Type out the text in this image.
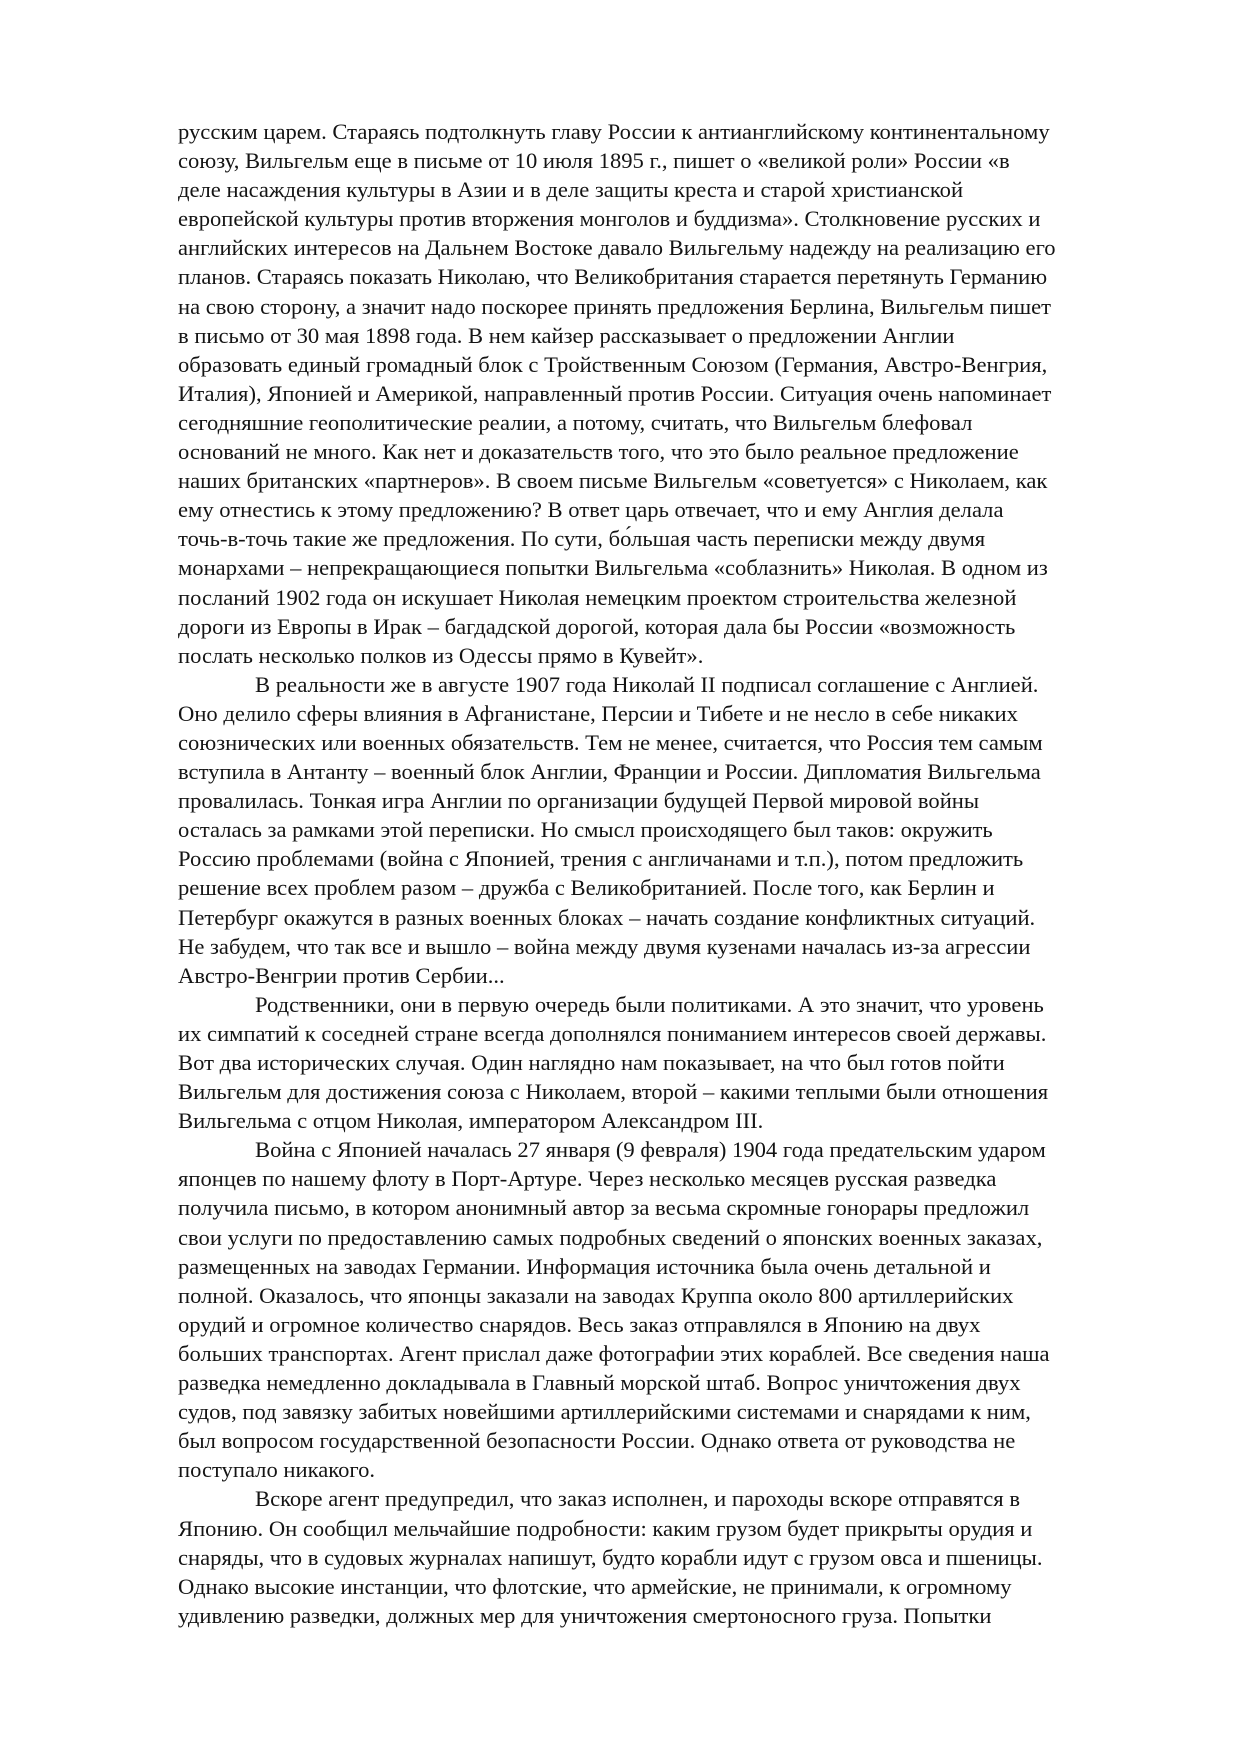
русским царем. Стараясь подтолкнуть главу России к антианглийскому континентальному
союзу, Вильгельм еще в письме от 10 июля 1895 г., пишет о «великой роли» России «в
деле насаждения культуры в Азии и в деле защиты креста и старой христианской
европейской культуры против вторжения монголов и буддизма». Столкновение русских и
английских интересов на Дальнем Востоке давало Вильгельму надежду на реализацию его
планов. Стараясь показать Николаю, что Великобритания старается перетянуть Германию
на свою сторону, а значит надо поскорее принять предложения Берлина, Вильгельм пишет
в письмо от 30 мая 1898 года. В нем кайзер рассказывает о предложении Англии
образовать единый громадный блок с Тройственным Союзом (Германия, Австро-Венгрия,
Италия), Японией и Америкой, направленный против России. Ситуация очень напоминает
сегодняшние геополитические реалии, а потому, считать, что Вильгельм блефовал
оснований не много. Как нет и доказательств того, что это было реальное предложение
наших британских «партнеров». В своем письме Вильгельм «советуется» с Николаем, как
ему отнестись к этому предложению? В ответ царь отвечает, что и ему Англия делала
точь-в-точь такие же предложения. По сути, бо́льшая часть переписки между двумя
монархами – непрекращающиеся попытки Вильгельма «соблазнить» Николая. В одном из
посланий 1902 года он искушает Николая немецким проектом строительства железной
дороги из Европы в Ирак – багдадской дорогой, которая дала бы России «возможность
послать несколько полков из Одессы прямо в Кувейт».
В реальности же в августе 1907 года Николай II подписал соглашение с Англией.
Оно делило сферы влияния в Афганистане, Персии и Тибете и не несло в себе никаких
союзнических или военных обязательств. Тем не менее, считается, что Россия тем самым
вступила в Антанту – военный блок Англии, Франции и России. Дипломатия Вильгельма
провалилась. Тонкая игра Англии по организации будущей Первой мировой войны
осталась за рамками этой переписки. Но смысл происходящего был таков: окружить
Россию проблемами (война с Японией, трения с англичанами и т.п.), потом предложить
решение всех проблем разом – дружба с Великобританией. После того, как Берлин и
Петербург окажутся в разных военных блоках – начать создание конфликтных ситуаций.
Не забудем, что так все и вышло – война между двумя кузенами началась из-за агрессии
Австро-Венгрии против Сербии...
Родственники, они в первую очередь были политиками. А это значит, что уровень
их симпатий к соседней стране всегда дополнялся пониманием интересов своей державы.
Вот два исторических случая. Один наглядно нам показывает, на что был готов пойти
Вильгельм для достижения союза с Николаем, второй – какими теплыми были отношения
Вильгельма с отцом Николая, императором Александром III.
Война с Японией началась 27 января (9 февраля) 1904 года предательским ударом
японцев по нашему флоту в Порт-Артуре. Через несколько месяцев русская разведка
получила письмо, в котором анонимный автор за весьма скромные гонорары предложил
свои услуги по предоставлению самых подробных сведений о японских военных заказах,
размещенных на заводах Германии. Информация источника была очень детальной и
полной. Оказалось, что японцы заказали на заводах Круппа около 800 артиллерийских
орудий и огромное количество снарядов. Весь заказ отправлялся в Японию на двух
больших транспортах. Агент прислал даже фотографии этих кораблей. Все сведения наша
разведка немедленно докладывала в Главный морской штаб. Вопрос уничтожения двух
судов, под завязку забитых новейшими артиллерийскими системами и снарядами к ним,
был вопросом государственной безопасности России. Однако ответа от руководства не
поступало никакого.
Вскоре агент предупредил, что заказ исполнен, и пароходы вскоре отправятся в
Японию. Он сообщил мельчайшие подробности: каким грузом будет прикрыты орудия и
снаряды, что в судовых журналах напишут, будто корабли идут с грузом овса и пшеницы.
Однако высокие инстанции, что флотские, что армейские, не принимали, к огромному
удивлению разведки, должных мер для уничтожения смертоносного груза. Попытки
